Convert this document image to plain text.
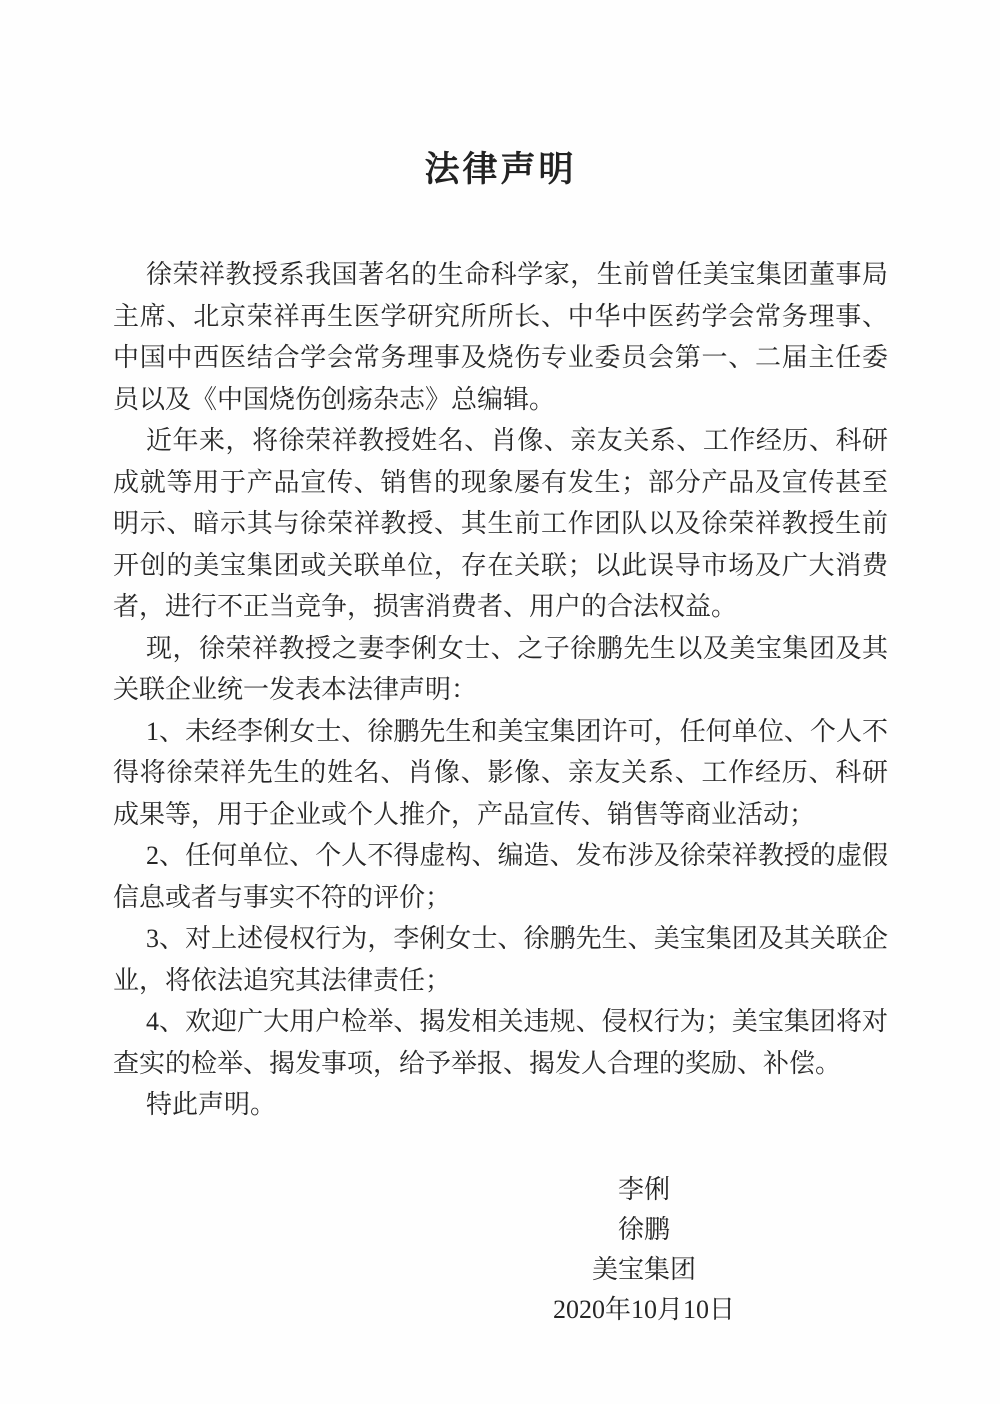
法律声明

徐荣祥教授系我国著名的生命科学家，生前曾任美宝集团董事局主席、北京荣祥再生医学研究所所长、中华中医药学会常务理事、中国中西医结合学会常务理事及烧伤专业委员会第一、二届主任委员以及《中国烧伤创疡杂志》总编辑。

近年来，将徐荣祥教授姓名、肖像、亲友关系、工作经历、科研成就等用于产品宣传、销售的现象屡有发生；部分产品及宣传甚至明示、暗示其与徐荣祥教授、其生前工作团队以及徐荣祥教授生前开创的美宝集团或关联单位，存在关联；以此误导市场及广大消费者，进行不正当竞争，损害消费者、用户的合法权益。

现，徐荣祥教授之妻李俐女士、之子徐鹏先生以及美宝集团及其关联企业统一发表本法律声明：

1、未经李俐女士、徐鹏先生和美宝集团许可，任何单位、个人不得将徐荣祥先生的姓名、肖像、影像、亲友关系、工作经历、科研成果等，用于企业或个人推介，产品宣传、销售等商业活动；

2、任何单位、个人不得虚构、编造、发布涉及徐荣祥教授的虚假信息或者与事实不符的评价；

3、对上述侵权行为，李俐女士、徐鹏先生、美宝集团及其关联企业，将依法追究其法律责任；

4、欢迎广大用户检举、揭发相关违规、侵权行为；美宝集团将对查实的检举、揭发事项，给予举报、揭发人合理的奖励、补偿。

特此声明。

李俐

徐鹏

美宝集团

2020年10月10日
